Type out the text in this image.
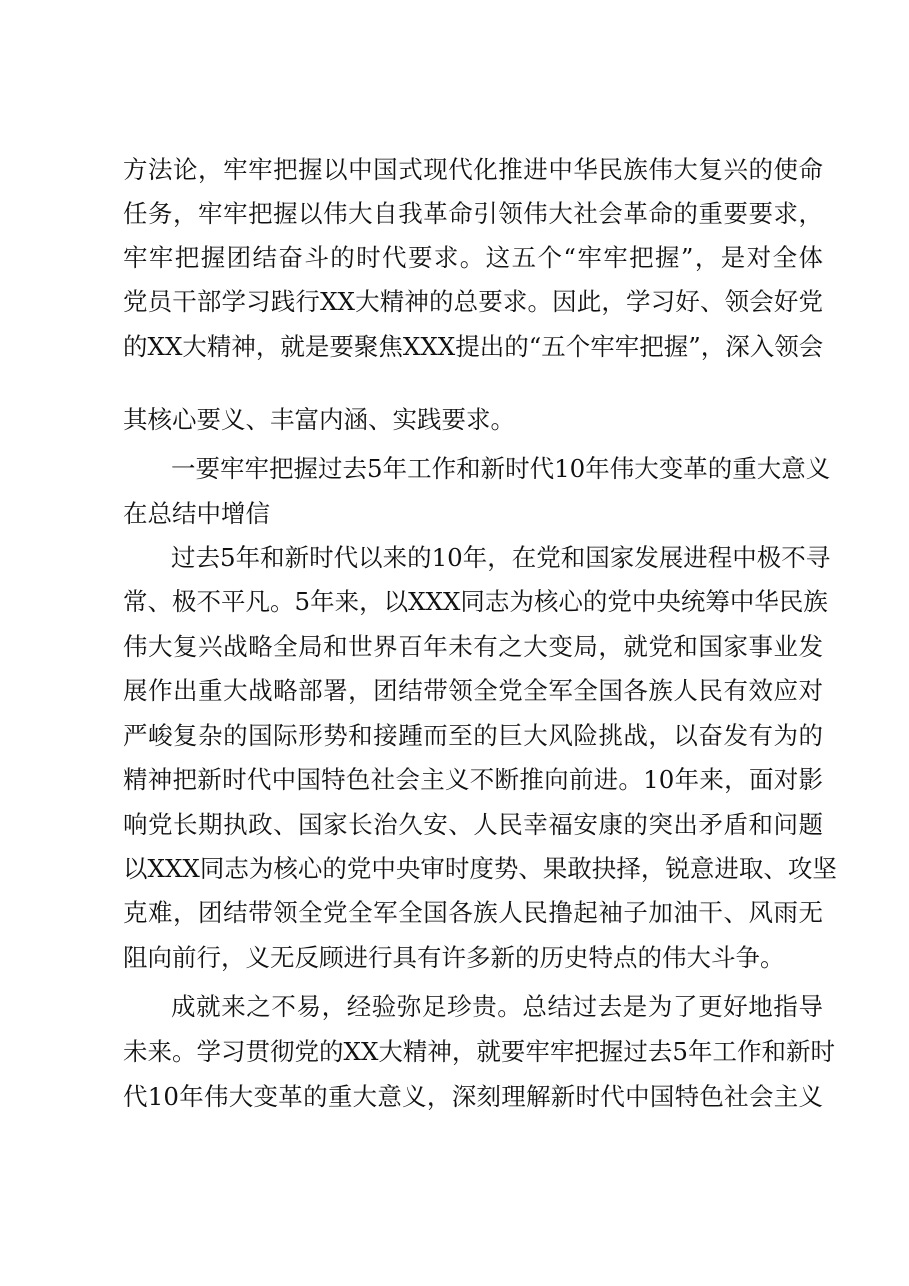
方法论，牢牢把握以中国式现代化推进中华民族伟大复兴的使命
任务，牢牢把握以伟大自我革命引领伟大社会革命的重要要求，
牢牢把握团结奋斗的时代要求。这五个“牢牢把握”，是对全体
党员干部学习践行XX大精神的总要求。因此，学习好、领会好党
的XX大精神，就是要聚焦XXX提出的“五个牢牢把握”，深入领会
其核心要义、丰富内涵、实践要求。
一要牢牢把握过去5年工作和新时代10年伟大变革的重大意义
在总结中增信
过去5年和新时代以来的10年，在党和国家发展进程中极不寻
常、极不平凡。5年来，以XXX同志为核心的党中央统筹中华民族
伟大复兴战略全局和世界百年未有之大变局，就党和国家事业发
展作出重大战略部署，团结带领全党全军全国各族人民有效应对
严峻复杂的国际形势和接踵而至的巨大风险挑战，以奋发有为的
精神把新时代中国特色社会主义不断推向前进。10年来，面对影
响党长期执政、国家长治久安、人民幸福安康的突出矛盾和问题
以XXX同志为核心的党中央审时度势、果敢抉择，锐意进取、攻坚
克难，团结带领全党全军全国各族人民撸起袖子加油干、风雨无
阻向前行，义无反顾进行具有许多新的历史特点的伟大斗争。
成就来之不易，经验弥足珍贵。总结过去是为了更好地指导
未来。学习贯彻党的XX大精神，就要牢牢把握过去5年工作和新时
代10年伟大变革的重大意义，深刻理解新时代中国特色社会主义
